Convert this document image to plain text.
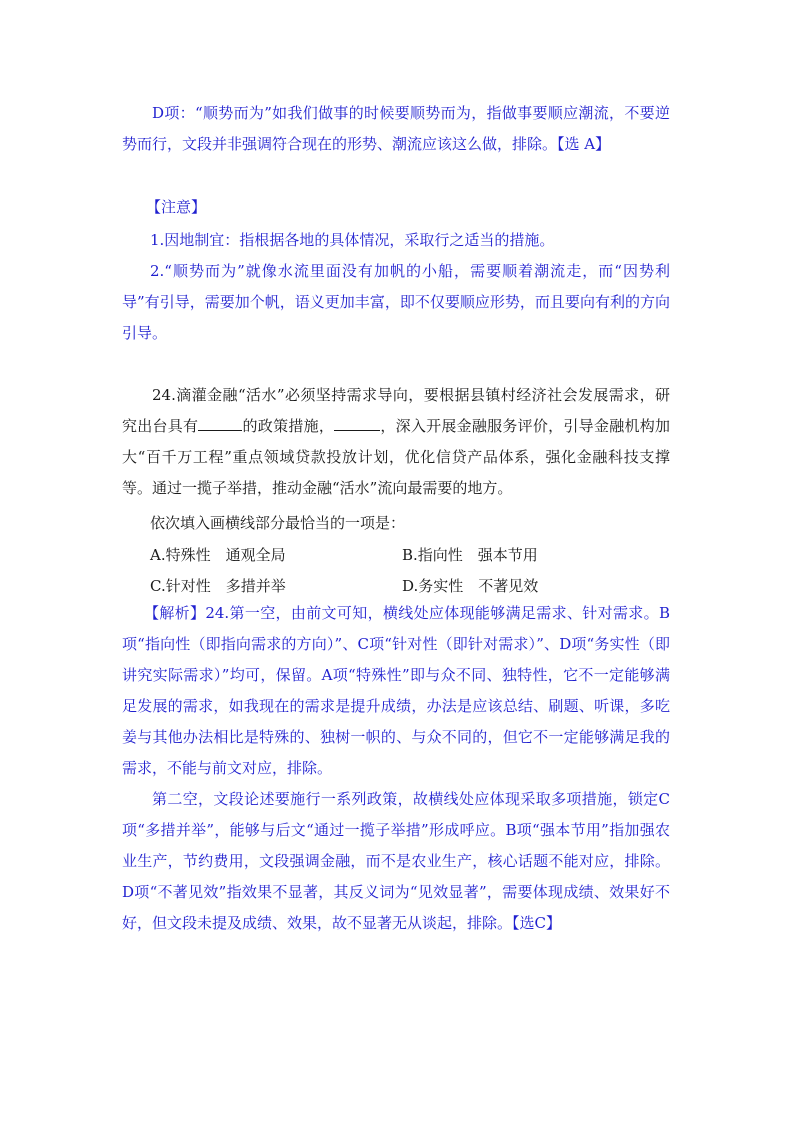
D项：“顺势而为”如我们做事的时候要顺势而为，指做事要顺应潮流，不要逆势而行，文段并非强调符合现在的形势、潮流应该这么做，排除。【选 A】

【注意】
1.因地制宜：指根据各地的具体情况，采取行之适当的措施。

2.“顺势而为”就像水流里面没有加帆的小船，需要顺着潮流走，而“因势利导”有引导，需要加个帆，语义更加丰富，即不仅要顺应形势，而且要向有利的方向引导。

24.滴灌金融“活水”必须坚持需求导向，要根据县镇村经济社会发展需求，研究出台具有	的政策措施，	，深入开展金融服务评价，引导金融机构加大“百千万工程”重点领域贷款投放计划，优化信贷产品体系，强化金融科技支撑等。通过一揽子举措，推动金融“活水”流向最需要的地方。

依次填入画横线部分最恰当的一项是：
A.特殊性　通观全局	B.指向性　强本节用
C.针对性　多措并举	D.务实性　不著见效

【解析】24.第一空，由前文可知，横线处应体现能够满足需求、针对需求。B项“指向性（即指向需求的方向）”、C项“针对性（即针对需求）”、D项“务实性（即讲究实际需求）”均可，保留。A项“特殊性”即与众不同、独特性，它不一定能够满足发展的需求，如我现在的需求是提升成绩，办法是应该总结、刷题、听课，多吃姜与其他办法相比是特殊的、独树一帜的、与众不同的，但它不一定能够满足我的需求，不能与前文对应，排除。

第二空，文段论述要施行一系列政策，故横线处应体现采取多项措施，锁定C项“多措并举”，能够与后文“通过一揽子举措”形成呼应。B项“强本节用”指加强农业生产，节约费用，文段强调金融，而不是农业生产，核心话题不能对应，排除。D项“不著见效”指效果不显著，其反义词为“见效显著”，需要体现成绩、效果好不好，但文段未提及成绩、效果，故不显著无从谈起，排除。【选C】
